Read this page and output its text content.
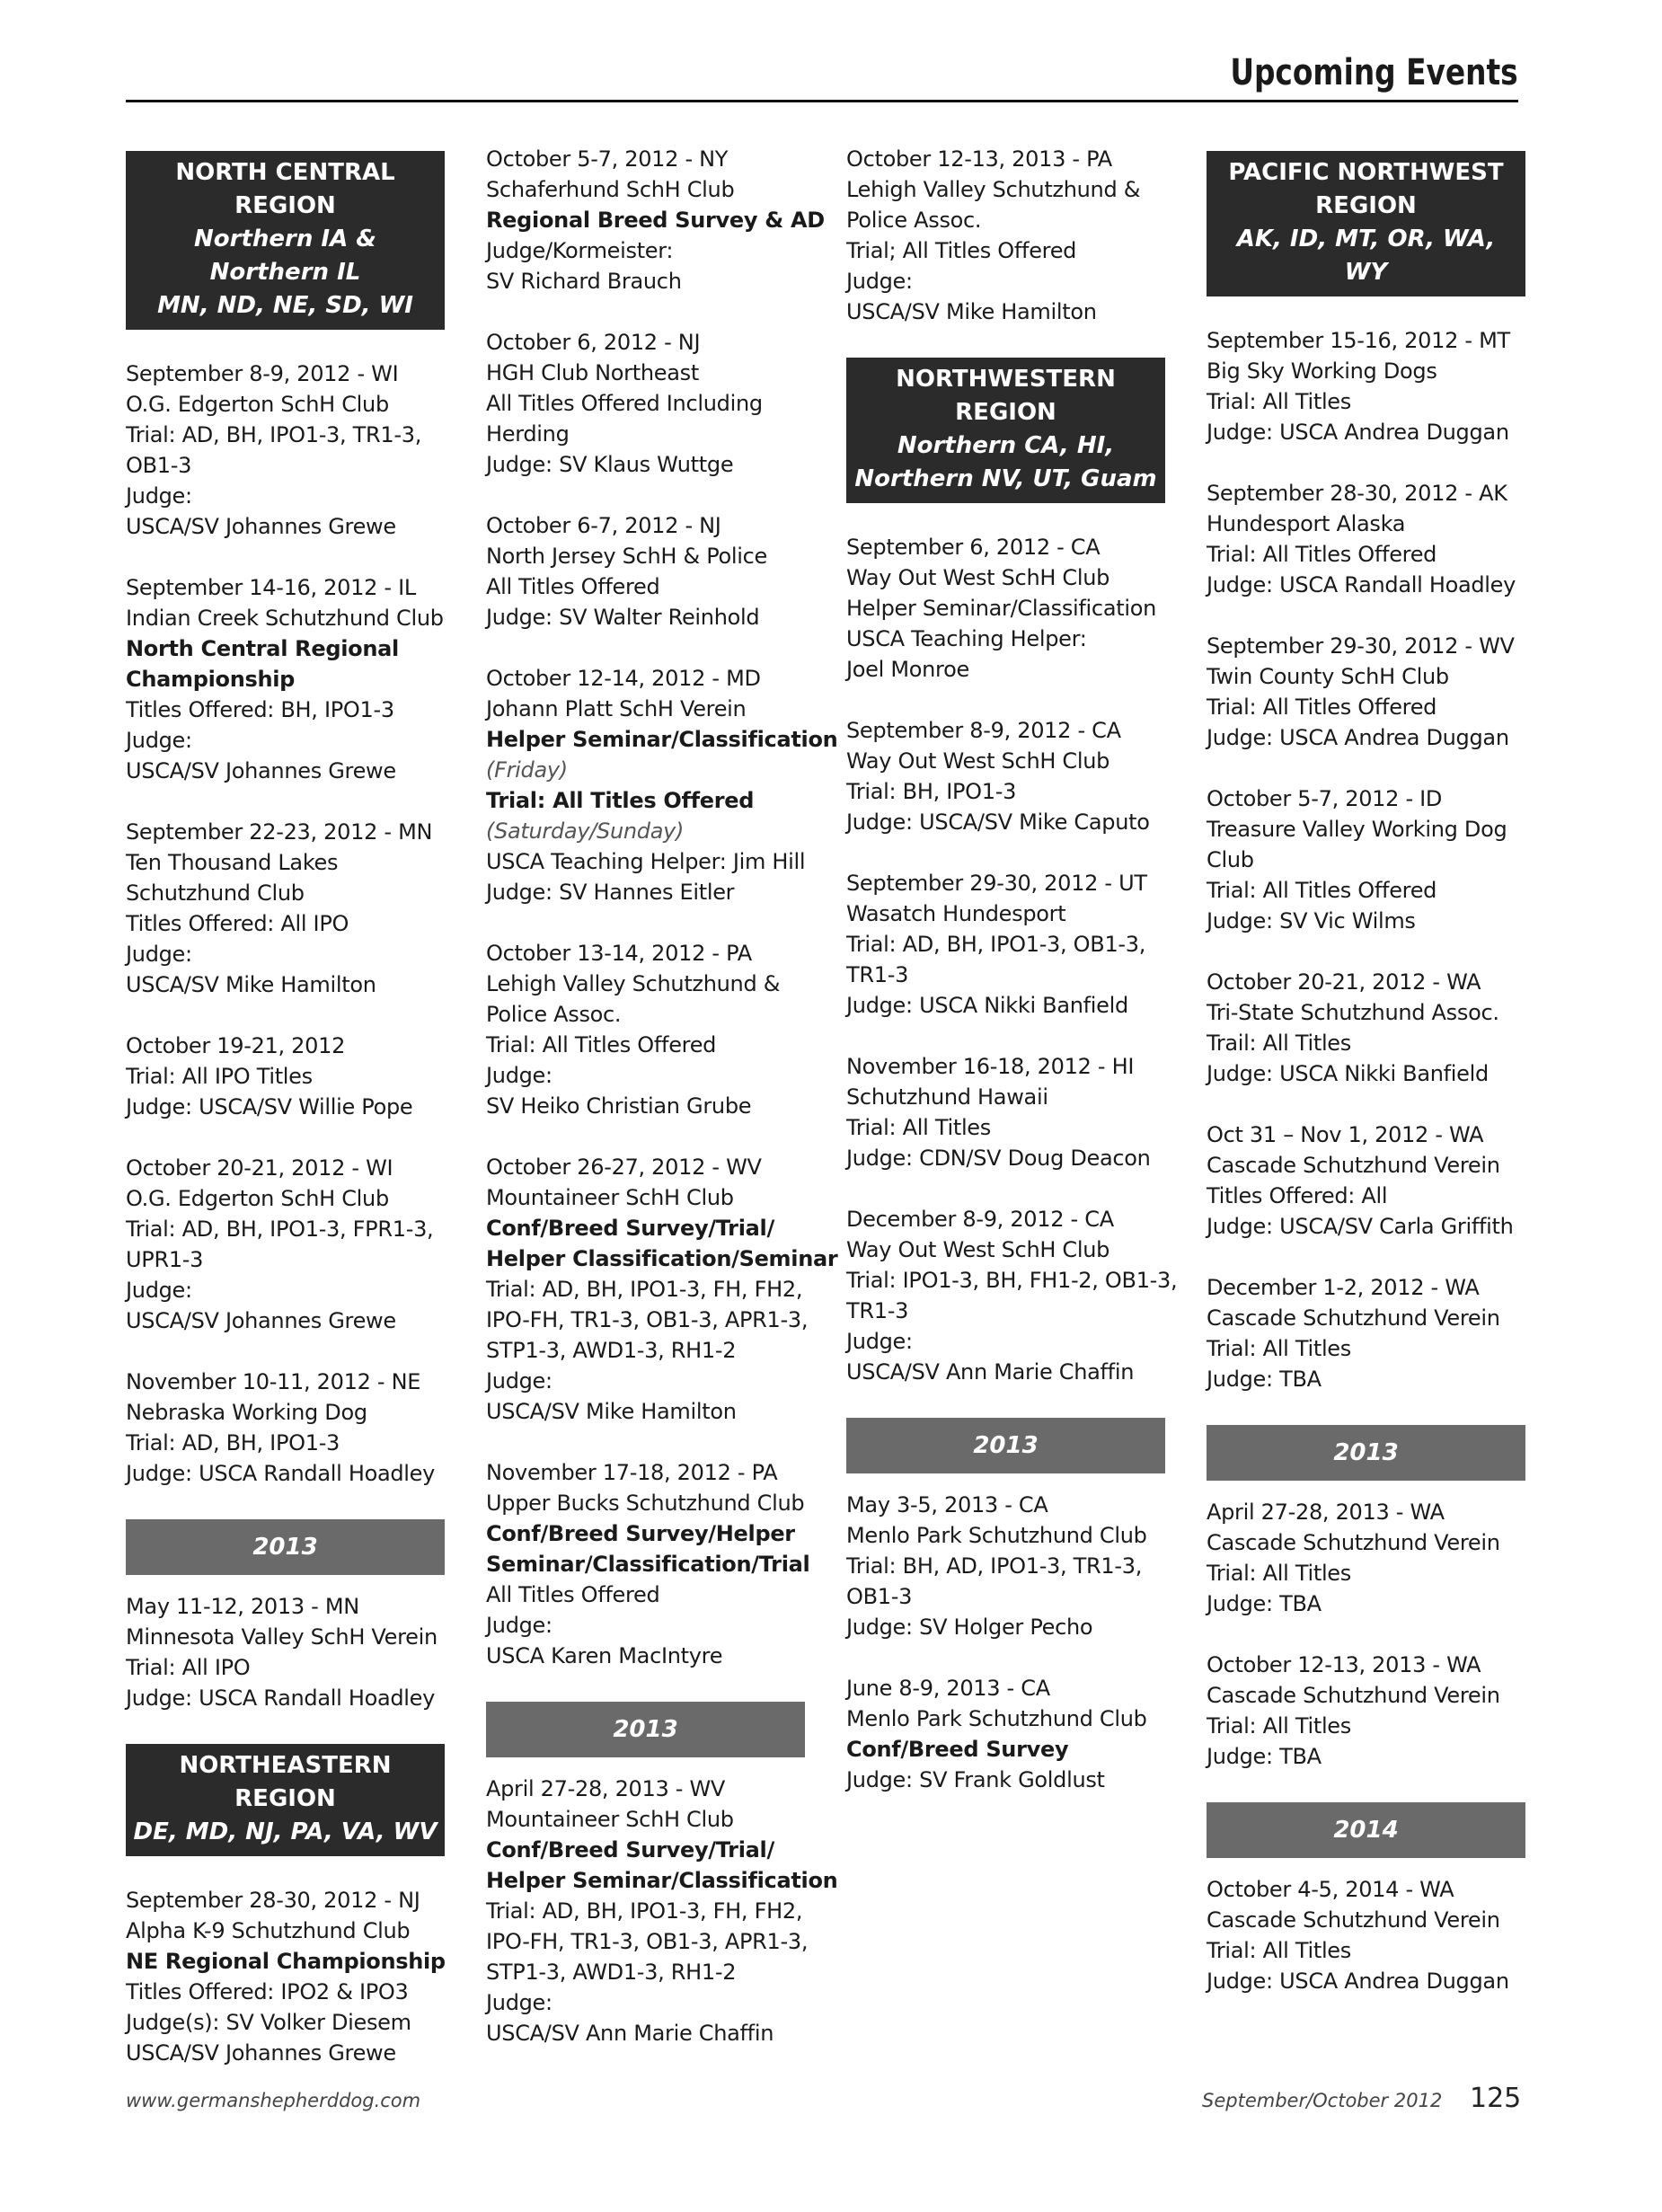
Upcoming Events
NORTH CENTRAL REGION
Northern IA & Northern IL
MN, ND, NE, SD, WI
September 8-9, 2012 - WI
O.G. Edgerton SchH Club
Trial: AD, BH, IPO1-3, TR1-3,
OB1-3
Judge:
USCA/SV Johannes Grewe
September 14-16, 2012 - IL
Indian Creek Schutzhund Club
North Central Regional
Championship
Titles Offered: BH, IPO1-3
Judge:
USCA/SV Johannes Grewe
September 22-23, 2012 - MN
Ten Thousand Lakes
Schutzhund Club
Titles Offered: All IPO
Judge:
USCA/SV Mike Hamilton
October 19-21, 2012
Trial: All IPO Titles
Judge: USCA/SV Willie Pope
October 20-21, 2012 - WI
O.G. Edgerton SchH Club
Trial: AD, BH, IPO1-3, FPR1-3,
UPR1-3
Judge:
USCA/SV Johannes Grewe
November 10-11, 2012 - NE
Nebraska Working Dog
Trial: AD, BH, IPO1-3
Judge: USCA Randall Hoadley
2013
May 11-12, 2013 - MN
Minnesota Valley SchH Verein
Trial: All IPO
Judge: USCA Randall Hoadley
NORTHEASTERN REGION
DE, MD, NJ, PA, VA, WV
September 28-30, 2012 - NJ
Alpha K-9 Schutzhund Club
NE Regional Championship
Titles Offered: IPO2 & IPO3
Judge(s): SV Volker Diesem
USCA/SV Johannes Grewe
October 5-7, 2012 - NY
Schaferhund SchH Club
Regional Breed Survey & AD
Judge/Kormeister:
SV Richard Brauch
October 6, 2012 - NJ
HGH Club Northeast
All Titles Offered Including
Herding
Judge: SV Klaus Wuttge
October 6-7, 2012 - NJ
North Jersey SchH & Police
All Titles Offered
Judge: SV Walter Reinhold
October 12-14, 2012 - MD
Johann Platt SchH Verein
Helper Seminar/Classification
(Friday)
Trial: All Titles Offered
(Saturday/Sunday)
USCA Teaching Helper: Jim Hill
Judge: SV Hannes Eitler
October 13-14, 2012 - PA
Lehigh Valley Schutzhund &
Police Assoc.
Trial: All Titles Offered
Judge:
SV Heiko Christian Grube
October 26-27, 2012 - WV
Mountaineer SchH Club
Conf/Breed Survey/Trial/
Helper Classification/Seminar
Trial: AD, BH, IPO1-3, FH, FH2,
IPO-FH, TR1-3, OB1-3, APR1-3,
STP1-3, AWD1-3, RH1-2
Judge:
USCA/SV Mike Hamilton
November 17-18, 2012 - PA
Upper Bucks Schutzhund Club
Conf/Breed Survey/Helper
Seminar/Classification/Trial
All Titles Offered
Judge:
USCA Karen MacIntyre
2013
April 27-28, 2013 - WV
Mountaineer SchH Club
Conf/Breed Survey/Trial/
Helper Seminar/Classification
Trial: AD, BH, IPO1-3, FH, FH2,
IPO-FH, TR1-3, OB1-3, APR1-3,
STP1-3, AWD1-3, RH1-2
Judge:
USCA/SV Ann Marie Chaffin
October 12-13, 2013 - PA
Lehigh Valley Schutzhund &
Police Assoc.
Trial; All Titles Offered
Judge:
USCA/SV Mike Hamilton
NORTHWESTERN REGION
Northern CA, HI,
Northern NV, UT, Guam
September 6, 2012 - CA
Way Out West SchH Club
Helper Seminar/Classification
USCA Teaching Helper:
Joel Monroe
September 8-9, 2012 - CA
Way Out West SchH Club
Trial: BH, IPO1-3
Judge: USCA/SV Mike Caputo
September 29-30, 2012 - UT
Wasatch Hundesport
Trial: AD, BH, IPO1-3, OB1-3,
TR1-3
Judge: USCA Nikki Banfield
November 16-18, 2012 - HI
Schutzhund Hawaii
Trial: All Titles
Judge: CDN/SV Doug Deacon
December 8-9, 2012 - CA
Way Out West SchH Club
Trial: IPO1-3, BH, FH1-2, OB1-3,
TR1-3
Judge:
USCA/SV Ann Marie Chaffin
2013
May 3-5, 2013 - CA
Menlo Park Schutzhund Club
Trial: BH, AD, IPO1-3, TR1-3,
OB1-3
Judge: SV Holger Pecho
June 8-9, 2013 - CA
Menlo Park Schutzhund Club
Conf/Breed Survey
Judge: SV Frank Goldlust
PACIFIC NORTHWEST REGION
AK, ID, MT, OR, WA, WY
September 15-16, 2012 - MT
Big Sky Working Dogs
Trial: All Titles
Judge: USCA Andrea Duggan
September 28-30, 2012 - AK
Hundesport Alaska
Trial: All Titles Offered
Judge: USCA Randall Hoadley
September 29-30, 2012 - WV
Twin County SchH Club
Trial: All Titles Offered
Judge: USCA Andrea Duggan
October 5-7, 2012 - ID
Treasure Valley Working Dog
Club
Trial: All Titles Offered
Judge: SV Vic Wilms
October 20-21, 2012 - WA
Tri-State Schutzhund Assoc.
Trail: All Titles
Judge: USCA Nikki Banfield
Oct 31 – Nov 1, 2012 - WA
Cascade Schutzhund Verein
Titles Offered: All
Judge: USCA/SV Carla Griffith
December 1-2, 2012 - WA
Cascade Schutzhund Verein
Trial: All Titles
Judge: TBA
2013
April 27-28, 2013 - WA
Cascade Schutzhund Verein
Trial: All Titles
Judge: TBA
October 12-13, 2013 - WA
Cascade Schutzhund Verein
Trial: All Titles
Judge: TBA
2014
October 4-5, 2014 - WA
Cascade Schutzhund Verein
Trial: All Titles
Judge: USCA Andrea Duggan
www.germanshepherddog.com	September/October 2012 125
